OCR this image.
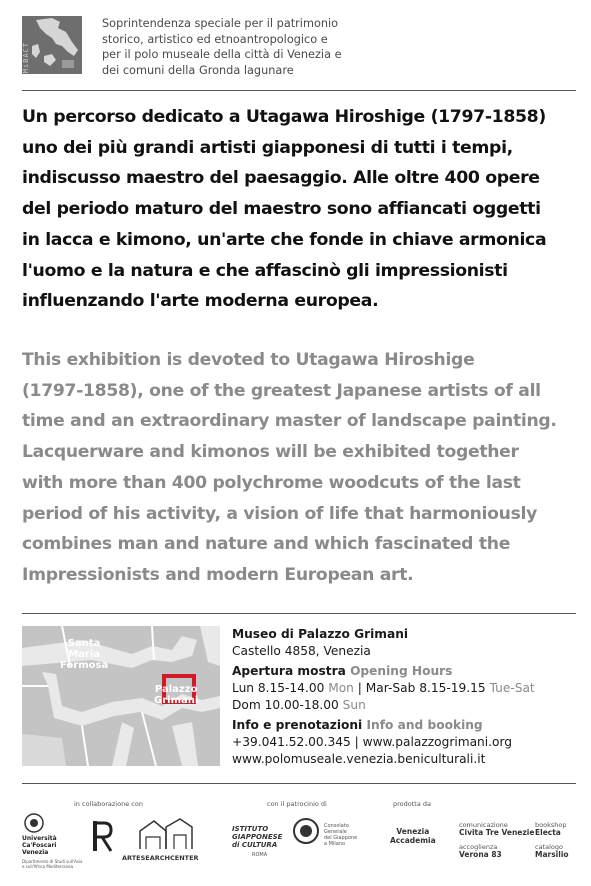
MiBACT
Soprintendenza speciale per il patrimonio
storico, artistico ed etnoantropologico e
per il polo museale della città di Venezia e
dei comuni della Gronda lagunare
Un percorso dedicato a Utagawa Hiroshige (1797-1858)
uno dei più grandi artisti giapponesi di tutti i tempi,
indiscusso maestro del paesaggio. Alle oltre 400 opere
del periodo maturo del maestro sono affiancati oggetti
in lacca e kimono, un'arte che fonde in chiave armonica
l'uomo e la natura e che affascinò gli impressionisti
influenzando l'arte moderna europea.
This exhibition is devoted to Utagawa Hiroshige
(1797-1858), one of the greatest Japanese artists of all
time and an extraordinary master of landscape painting.
Lacquerware and kimonos will be exhibited together
with more than 400 polychrome woodcuts of the last
period of his activity, a vision of life that harmoniously
combines man and nature and which fascinated the
Impressionists and modern European art.
Santa
Maria
Formosa
Palazzo
Grimani
Museo di Palazzo Grimani
Castello 4858, Venezia
Apertura mostra Opening Hours
Lun 8.15-14.00 Mon | Mar-Sab 8.15-19.15 Tue-Sat
Dom 10.00-18.00 Sun
Info e prenotazioni Info and booking
+39.041.52.00.345 | www.palazzogrimani.org
www.polomuseale.venezia.beniculturali.it
in collaborazione con	con il patrocinio di	prodotta da
Università
Ca'Foscari
Venezia
Dipartimento di Studi sull'Asia
e sull'Africa Mediterranea
ARTESEARCHCENTER
ISTITUTO
GIAPPONESE
di CULTURA
ROMA
Consolato
Generale
del Giappone
a Milano
Venezia
Accademia
comunicazione
Civita Tre Venezie
accoglienza
Verona 83
bookshop
Electa
catalogo
Marsilio
